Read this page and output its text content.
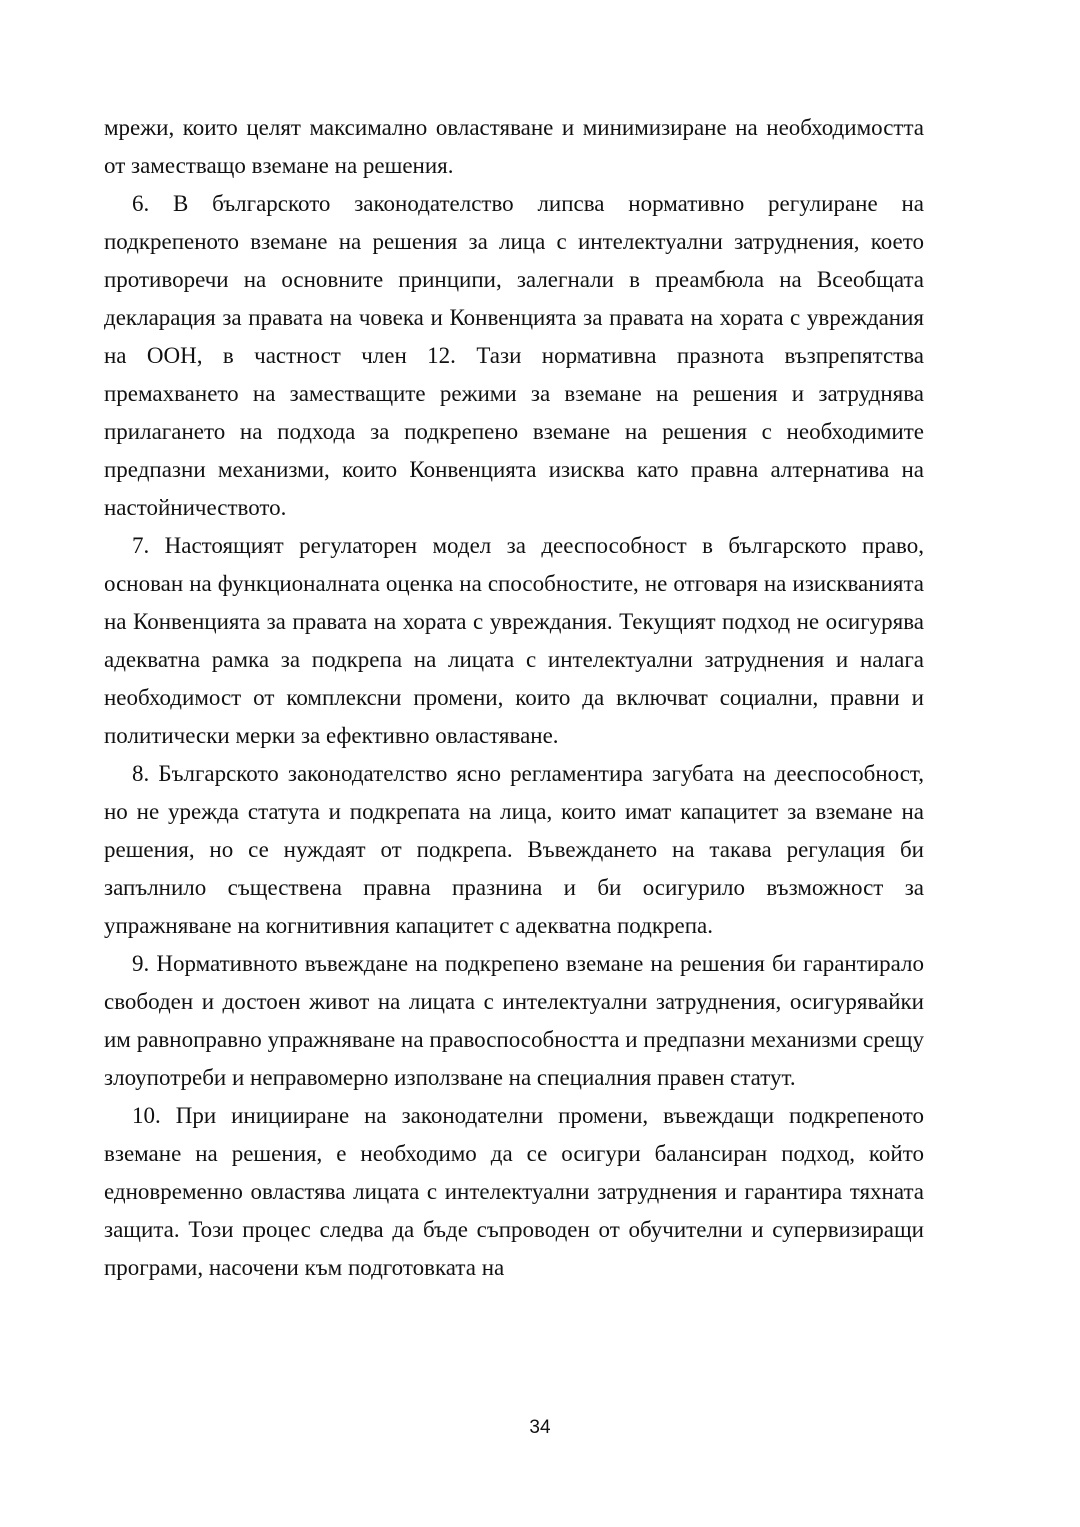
мрежи, които целят максимално овластяване и минимизиране на необходимостта от заместващо вземане на решения.

6. В българското законодателство липсва нормативно регулиране на подкрепеното вземане на решения за лица с интелектуални затруднения, което противоречи на основните принципи, залегнали в преамбюла на Всеобщата декларация за правата на човека и Конвенцията за правата на хората с увреждания на ООН, в частност член 12. Тази нормативна празнота възпрепятства премахването на заместващите режими за вземане на решения и затруднява прилагането на подхода за подкрепено вземане на решения с необходимите предпазни механизми, които Конвенцията изисква като правна алтернатива на настойничеството.

7. Настоящият регулаторен модел за дееспособност в българското право, основан на функционалната оценка на способностите, не отговаря на изискванията на Конвенцията за правата на хората с увреждания. Текущият подход не осигурява адекватна рамка за подкрепа на лицата с интелектуални затруднения и налага необходимост от комплексни промени, които да включват социални, правни и политически мерки за ефективно овластяване.

8. Българското законодателство ясно регламентира загубата на дееспособност, но не урежда статута и подкрепата на лица, които имат капацитет за вземане на решения, но се нуждаят от подкрепа. Въвеждането на такава регулация би запълнило съществена правна празнина и би осигурило възможност за упражняване на когнитивния капацитет с адекватна подкрепа.

9. Нормативното въвеждане на подкрепено вземане на решения би гарантирало свободен и достоен живот на лицата с интелектуални затруднения, осигурявайки им равноправно упражняване на правоспособността и предпазни механизми срещу злоупотреби и неправомерно използване на специалния правен статут.

10. При иницииране на законодателни промени, въвеждащи подкрепеното вземане на решения, е необходимо да се осигури балансиран подход, който едновременно овластява лицата с интелектуални затруднения и гарантира тяхната защита. Този процес следва да бъде съпроводен от обучителни и супервизиращи програми, насочени към подготовката на

34
